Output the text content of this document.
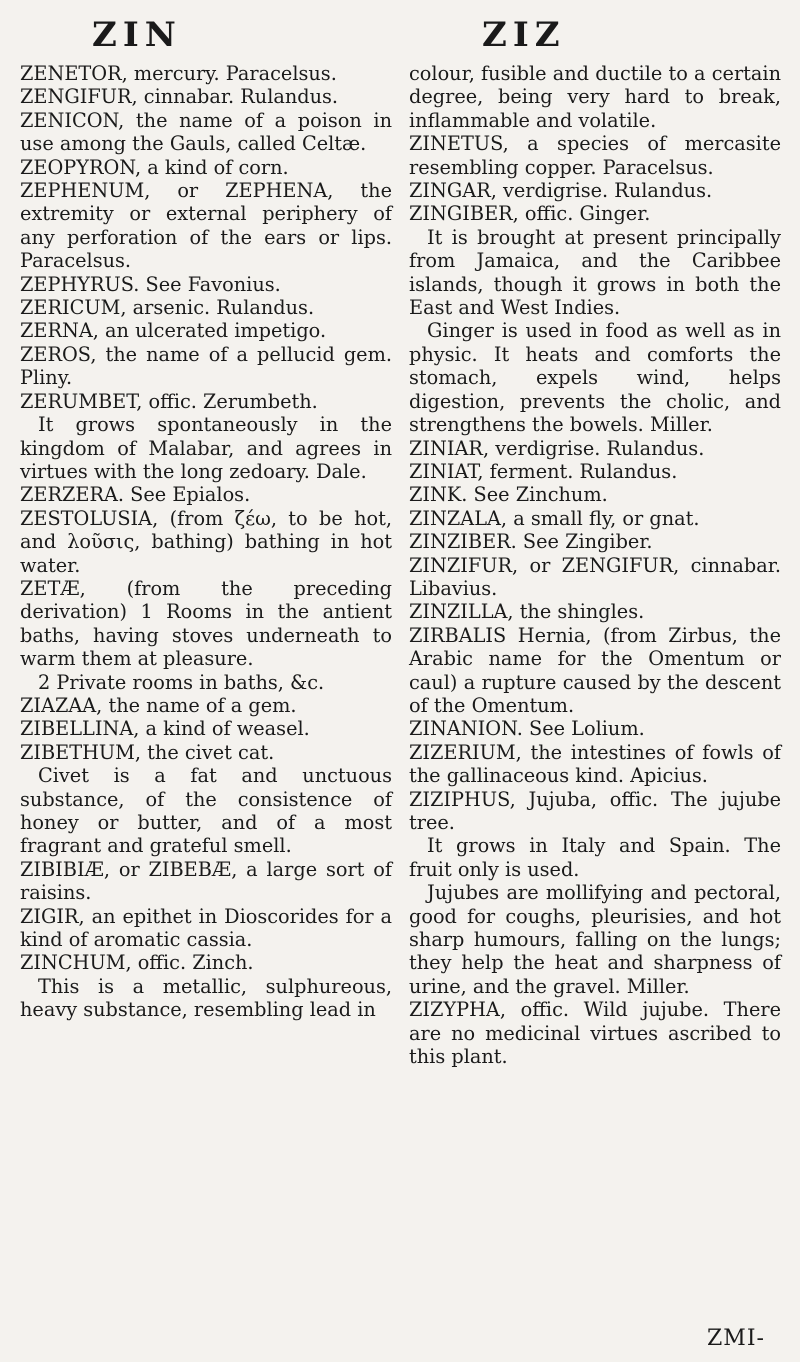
ZIN	ZIZ

ZENETOR, mercury. Paracelsus.

ZENGIFUR, cinnabar. Rulandus.

ZENICON, the name of a poison in use among the Gauls, called Celtæ.

ZEOPYRON, a kind of corn.

ZEPHENUM, or ZEPHENA, the extremity or external periphery of any perforation of the ears or lips. Paracelsus.

ZEPHYRUS. See Favonius.

ZERICUM, arsenic. Rulandus.

ZERNA, an ulcerated impetigo.

ZEROS, the name of a pellucid gem. Pliny.

ZERUMBET, offic. Zerumbeth.

It grows spontaneously in the kingdom of Malabar, and agrees in virtues with the long zedoary. Dale.

ZERZERA. See Epialos.

ZESTOLUSIA, (from ζέω, to be hot, and λοῦσις, bathing) bathing in hot water.

ZETÆ, (from the preceding derivation) 1 Rooms in the antient baths, having stoves underneath to warm them at pleasure.

2 Private rooms in baths, &c.

ZIAZAA, the name of a gem.

ZIBELLINA, a kind of weasel.

ZIBETHUM, the civet cat.

Civet is a fat and unctuous substance, of the consistence of honey or butter, and of a most fragrant and grateful smell.

ZIBIBIÆ, or ZIBEBÆ, a large sort of raisins.

ZIGIR, an epithet in Dioscorides for a kind of aromatic cassia.

ZINCHUM, offic. Zinch.

This is a metallic, sulphureous, heavy substance, resembling lead in

colour, fusible and ductile to a certain degree, being very hard to break, inflammable and volatile.

ZINETUS, a species of mercasite resembling copper. Paracelsus.

ZINGAR, verdigrise. Rulandus.

ZINGIBER, offic. Ginger.

It is brought at present principally from Jamaica, and the Caribbee islands, though it grows in both the East and West Indies.

Ginger is used in food as well as in physic. It heats and comforts the stomach, expels wind, helps digestion, prevents the cholic, and strengthens the bowels. Miller.

ZINIAR, verdigrise. Rulandus.

ZINIAT, ferment. Rulandus.

ZINK. See Zinchum.

ZINZALA, a small fly, or gnat.

ZINZIBER. See Zingiber.

ZINZIFUR, or ZENGIFUR, cinnabar. Libavius.

ZINZILLA, the shingles.

ZIRBALIS Hernia, (from Zirbus, the Arabic name for the Omentum or caul) a rupture caused by the descent of the Omentum.

ZINANION. See Lolium.

ZIZERIUM, the intestines of fowls of the gallinaceous kind. Apicius.

ZIZIPHUS, Jujuba, offic. The jujube tree.

It grows in Italy and Spain. The fruit only is used.

Jujubes are mollifying and pectoral, good for coughs, pleurisies, and hot sharp humours, falling on the lungs; they help the heat and sharpness of urine, and the gravel. Miller.

ZIZYPHA, offic. Wild jujube. There are no medicinal virtues ascribed to this plant.

ZMI-
